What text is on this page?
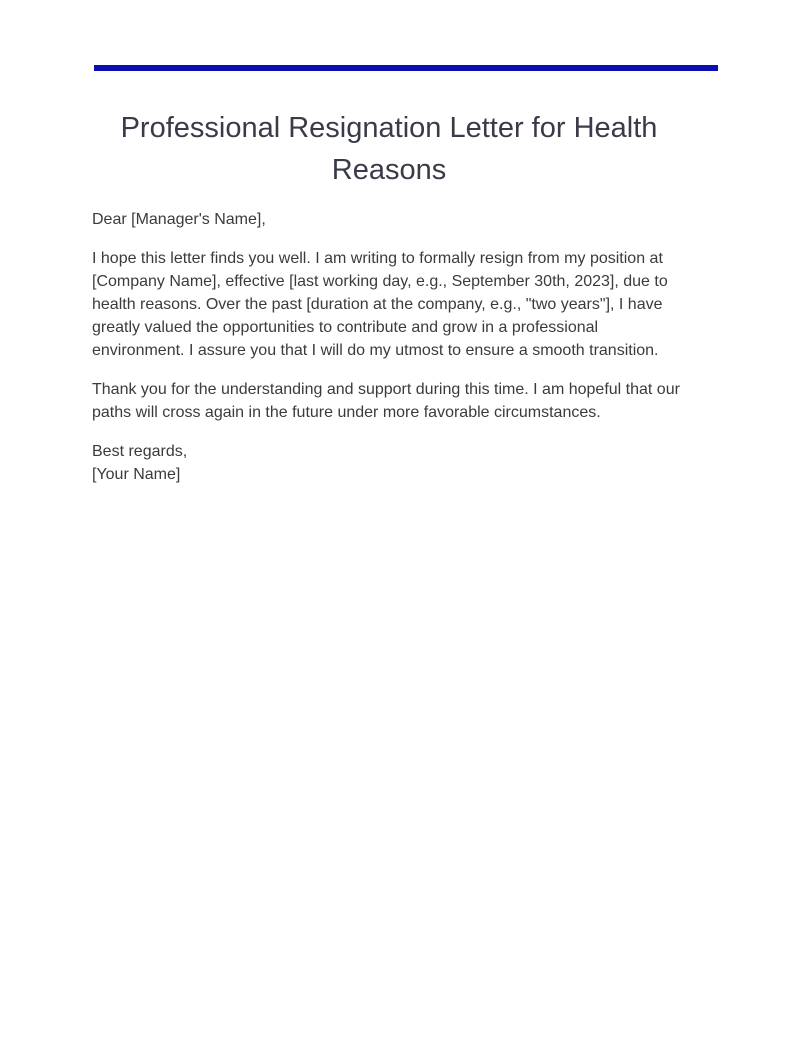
Professional Resignation Letter for Health Reasons

Dear [Manager's Name],

I hope this letter finds you well. I am writing to formally resign from my position at [Company Name], effective [last working day, e.g., September 30th, 2023], due to health reasons. Over the past [duration at the company, e.g., "two years"], I have greatly valued the opportunities to contribute and grow in a professional environment. I assure you that I will do my utmost to ensure a smooth transition.

Thank you for the understanding and support during this time. I am hopeful that our paths will cross again in the future under more favorable circumstances.

Best regards,
[Your Name]
